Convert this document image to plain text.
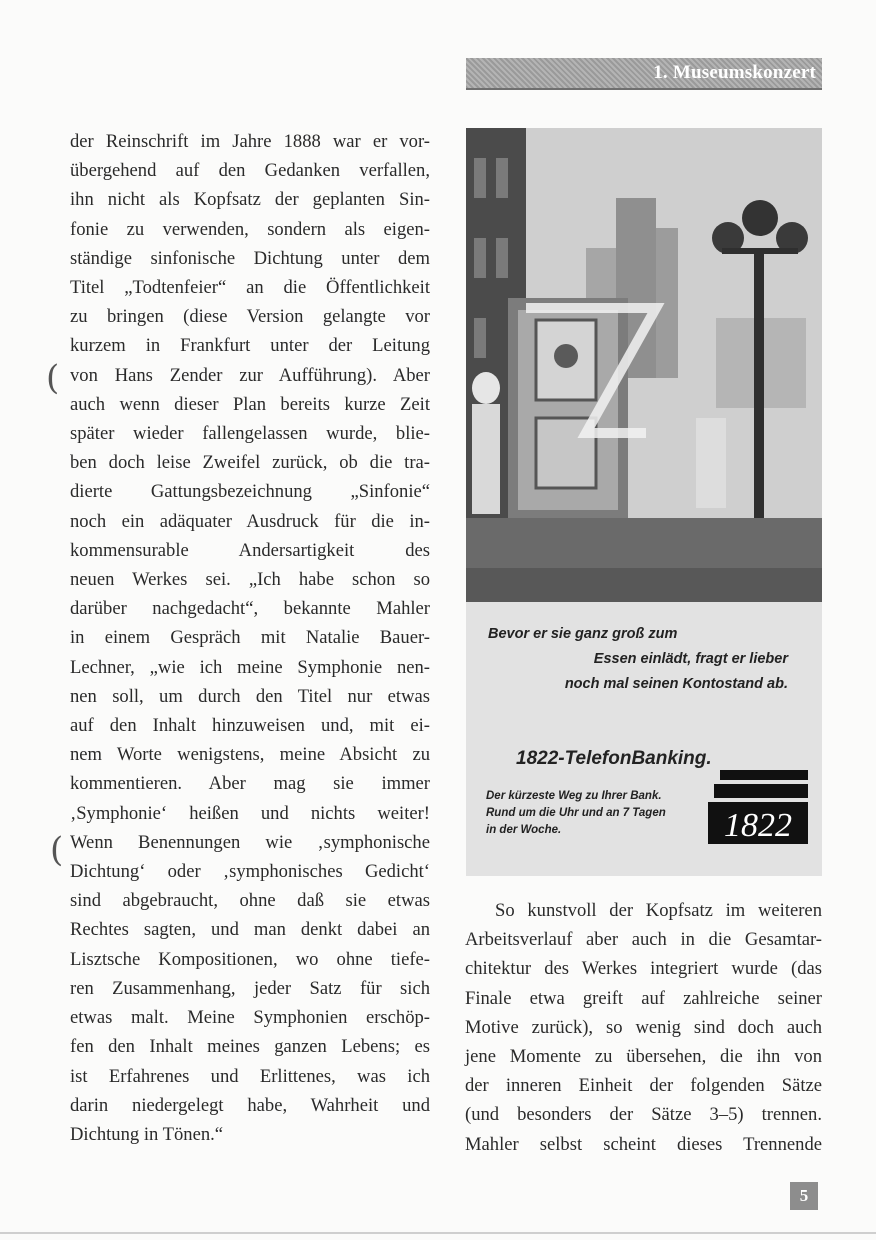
1. Museumskonzert
der Reinschrift im Jahre 1888 war er vor-
übergehend auf den Gedanken verfallen,
ihn nicht als Kopfsatz der geplanten Sin-
fonie zu verwenden, sondern als eigen-
ständige sinfonische Dichtung unter dem
Titel „Todtenfeier“ an die Öffentlichkeit
zu bringen (diese Version gelangte vor
kurzem in Frankfurt unter der Leitung
von Hans Zender zur Aufführung). Aber
auch wenn dieser Plan bereits kurze Zeit
später wieder fallengelassen wurde, blie-
ben doch leise Zweifel zurück, ob die tra-
dierte Gattungsbezeichnung „Sinfonie“
noch ein adäquater Ausdruck für die in-
kommensurable Andersartigkeit des
neuen Werkes sei. „Ich habe schon so
darüber nachgedacht“, bekannte Mahler
in einem Gespräch mit Natalie Bauer-
Lechner, „wie ich meine Symphonie nen-
nen soll, um durch den Titel nur etwas
auf den Inhalt hinzuweisen und, mit ei-
nem Worte wenigstens, meine Absicht zu
kommentieren. Aber mag sie immer
‚Symphonie‘ heißen und nichts weiter!
Wenn Benennungen wie ‚symphonische
Dichtung‘ oder ‚symphonisches Gedicht‘
sind abgebraucht, ohne daß sie etwas
Rechtes sagten, und man denkt dabei an
Lisztsche Kompositionen, wo ohne tiefe-
ren Zusammenhang, jeder Satz für sich
etwas malt. Meine Symphonien erschöp-
fen den Inhalt meines ganzen Lebens; es
ist Erfahrenes und Erlittenes, was ich
darin niedergelegt habe, Wahrheit und
Dichtung in Tönen.“
(
(
Bevor er sie ganz groß zum
Essen einlädt, fragt er lieber
noch mal seinen Kontostand ab.
1822-TelefonBanking.
Der kürzeste Weg zu Ihrer Bank.
Rund um die Uhr und an 7 Tagen
in der Woche.	1822
So kunstvoll der Kopfsatz im weiteren
Arbeitsverlauf aber auch in die Gesamtar-
chitektur des Werkes integriert wurde (das
Finale etwa greift auf zahlreiche seiner
Motive zurück), so wenig sind doch auch
jene Momente zu übersehen, die ihn von
der inneren Einheit der folgenden Sätze
(und besonders der Sätze 3–5) trennen.
Mahler selbst scheint dieses Trennende
5
